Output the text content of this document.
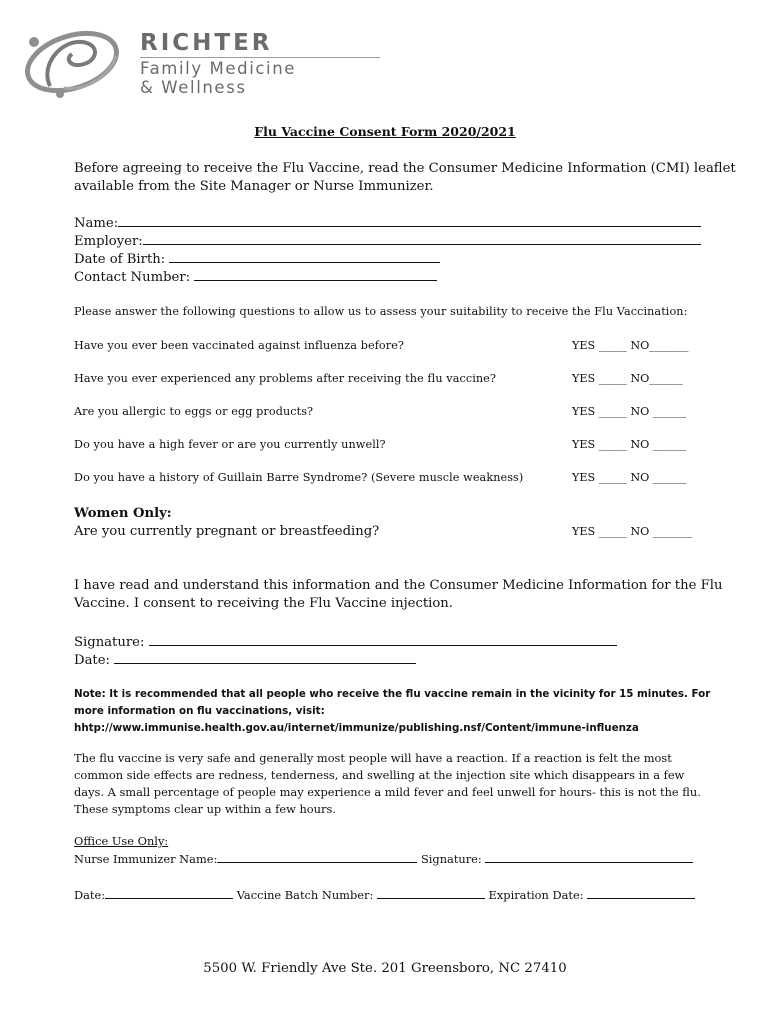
RICHTER
Family Medicine
& Wellness
Flu Vaccine Consent Form 2020/2021
Before agreeing to receive the Flu Vaccine, read the Consumer Medicine Information (CMI) leaflet
available from the Site Manager or Nurse Immunizer.
Name:
Employer:
Date of Birth:
Contact Number:
Please answer the following questions to allow us to assess your suitability to receive the Flu Vaccination:
Have you ever been vaccinated against influenza before?	YES _____ NO_______
Have you ever experienced any problems after receiving the flu vaccine?	YES _____ NO______
Are you allergic to eggs or egg products?	YES _____ NO ______
Do you have a high fever or are you currently unwell?	YES _____ NO ______
Do you have a history of Guillain Barre Syndrome? (Severe muscle weakness)	YES _____ NO ______
Women Only:
Are you currently pregnant or breastfeeding?	YES _____ NO _______
I have read and understand this information and the Consumer Medicine Information for the Flu
Vaccine. I consent to receiving the Flu Vaccine injection.
Signature:
Date:
Note: It is recommended that all people who receive the flu vaccine remain in the vicinity for 15 minutes. For
more information on flu vaccinations, visit:
hhtp://www.immunise.health.gov.au/internet/immunize/publishing.nsf/Content/immune-influenza
The flu vaccine is very safe and generally most people will have a reaction. If a reaction is felt the most
common side effects are redness, tenderness, and swelling at the injection site which disappears in a few
days. A small percentage of people may experience a mild fever and feel unwell for hours- this is not the flu.
These symptoms clear up within a few hours.
Office Use Only:
Nurse Immunizer Name:	Signature:
Date:	Vaccine Batch Number:	Expiration Date:
5500 W. Friendly Ave Ste. 201 Greensboro, NC 27410
